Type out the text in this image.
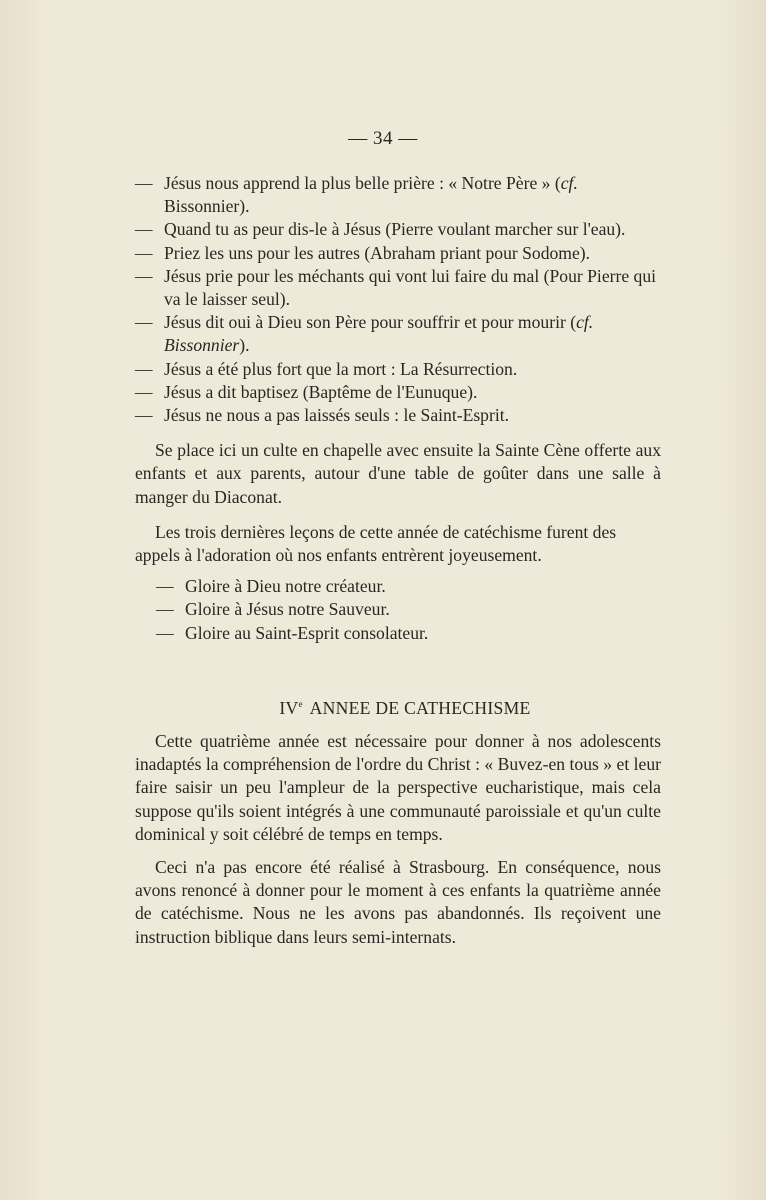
— 34 —
— Jésus nous apprend la plus belle prière : « Notre Père » (cf. Bissonnier).
— Quand tu as peur dis-le à Jésus (Pierre voulant marcher sur l'eau).
— Priez les uns pour les autres (Abraham priant pour Sodome).
— Jésus prie pour les méchants qui vont lui faire du mal (Pour Pierre qui va le laisser seul).
— Jésus dit oui à Dieu son Père pour souffrir et pour mourir (cf. Bissonnier).
— Jésus a été plus fort que la mort : La Résurrection.
— Jésus a dit baptisez (Baptême de l'Eunuque).
— Jésus ne nous a pas laissés seuls : le Saint-Esprit.

Se place ici un culte en chapelle avec ensuite la Sainte Cène offerte aux enfants et aux parents, autour d'une table de goûter dans une salle à manger du Diaconat.

Les trois dernières leçons de cette année de catéchisme furent des appels à l'adoration où nos enfants entrèrent joyeusement.

— Gloire à Dieu notre créateur.
— Gloire à Jésus notre Sauveur.
— Gloire au Saint-Esprit consolateur.
IVe ANNEE DE CATHECHISME

Cette quatrième année est nécessaire pour donner à nos adolescents inadaptés la compréhension de l'ordre du Christ : « Buvez-en tous » et leur faire saisir un peu l'ampleur de la perspective eucharistique, mais cela suppose qu'ils soient intégrés à une communauté paroissiale et qu'un culte dominical y soit célébré de temps en temps.

Ceci n'a pas encore été réalisé à Strasbourg. En conséquence, nous avons renoncé à donner pour le moment à ces enfants la quatrième année de catéchisme. Nous ne les avons pas abandonnés. Ils reçoivent une instruction biblique dans leurs semi-internats.
